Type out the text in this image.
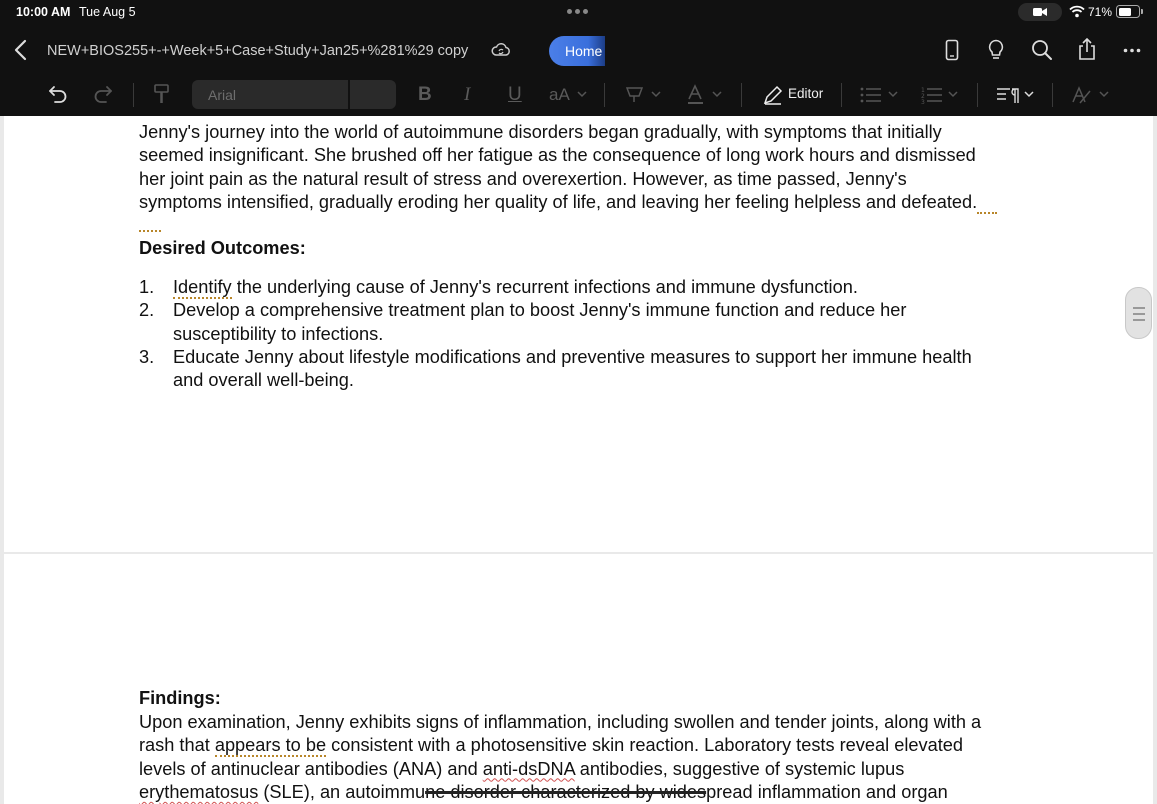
10:00 AM Tue Aug 5	71%
NEW+BIOS255+-+Week+5+Case+Study+Jan25+%281%29 copy	Home
Arial	B I U aA	Editor	1
2
3
Jenny's journey into the world of autoimmune disorders began gradually, with symptoms that initially
seemed insignificant. She brushed off her fatigue as the consequence of long work hours and dismissed
her joint pain as the natural result of stress and overexertion. However, as time passed, Jenny's
symptoms intensified, gradually eroding her quality of life, and leaving her feeling helpless and defeated.
Desired Outcomes:
1. Identify the underlying cause of Jenny's recurrent infections and immune dysfunction.
2. Develop a comprehensive treatment plan to boost Jenny's immune function and reduce her
susceptibility to infections.
3. Educate Jenny about lifestyle modifications and preventive measures to support her immune health
and overall well-being.
Findings:
Upon examination, Jenny exhibits signs of inflammation, including swollen and tender joints, along with a
rash that appears to be consistent with a photosensitive skin reaction. Laboratory tests reveal elevated
levels of antinuclear antibodies (ANA) and anti-dsDNA antibodies, suggestive of systemic lupus
erythematosus (SLE), an autoimmune disorder characterized by widespread inflammation and organ
